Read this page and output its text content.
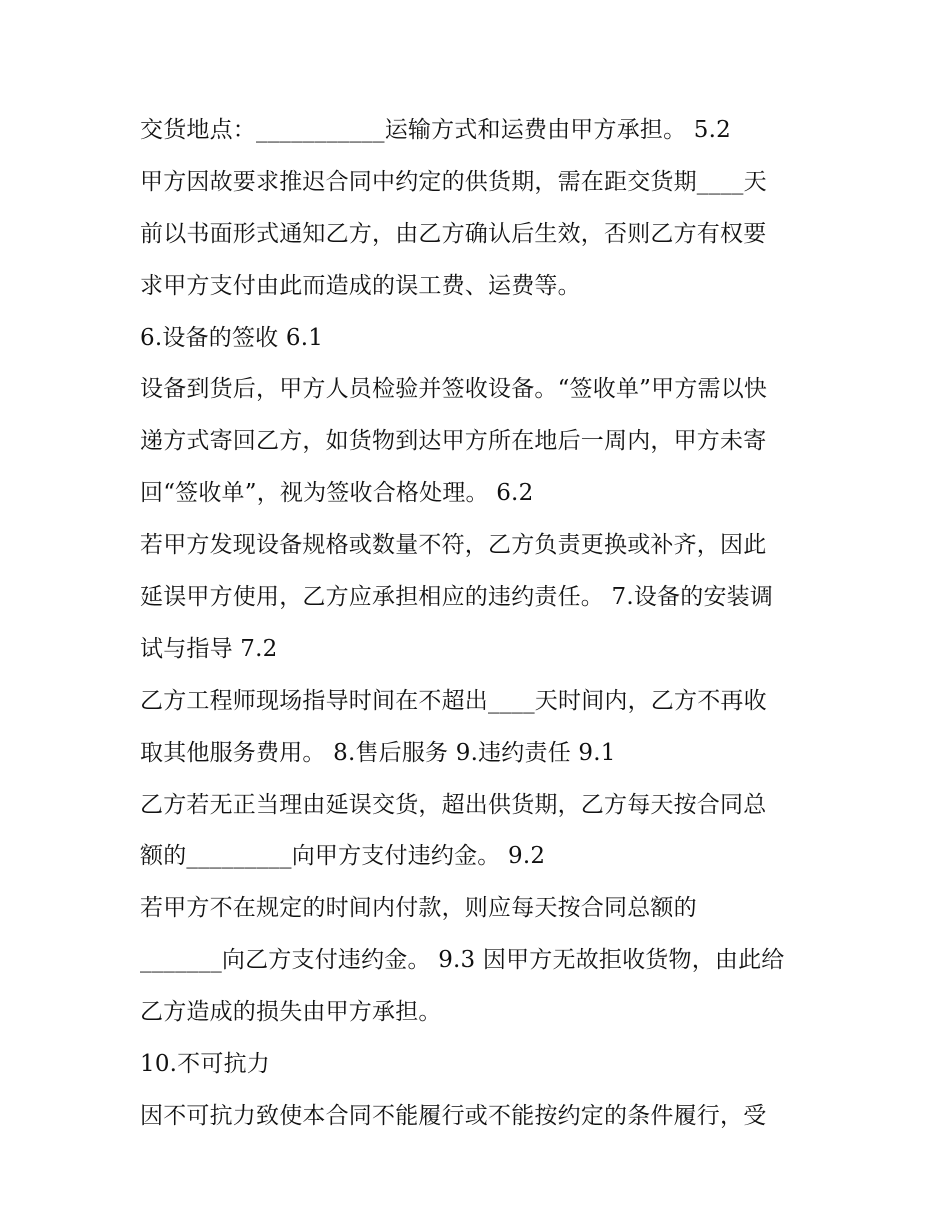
交货地点：___________运输方式和运费由甲方承担。 5.2
甲方因故要求推迟合同中约定的供货期，需在距交货期____天
前以书面形式通知乙方，由乙方确认后生效，否则乙方有权要
求甲方支付由此而造成的误工费、运费等。
6.设备的签收 6.1
设备到货后，甲方人员检验并签收设备。“签收单”甲方需以快
递方式寄回乙方，如货物到达甲方所在地后一周内，甲方未寄
回“签收单”，视为签收合格处理。 6.2
若甲方发现设备规格或数量不符，乙方负责更换或补齐，因此
延误甲方使用，乙方应承担相应的违约责任。 7.设备的安装调
试与指导 7.2
乙方工程师现场指导时间在不超出____天时间内，乙方不再收
取其他服务费用。 8.售后服务 9.违约责任 9.1
乙方若无正当理由延误交货，超出供货期，乙方每天按合同总
额的_________向甲方支付违约金。 9.2
若甲方不在规定的时间内付款，则应每天按合同总额的
_______向乙方支付违约金。 9.3 因甲方无故拒收货物，由此给
乙方造成的损失由甲方承担。
10.不可抗力
因不可抗力致使本合同不能履行或不能按约定的条件履行，受
